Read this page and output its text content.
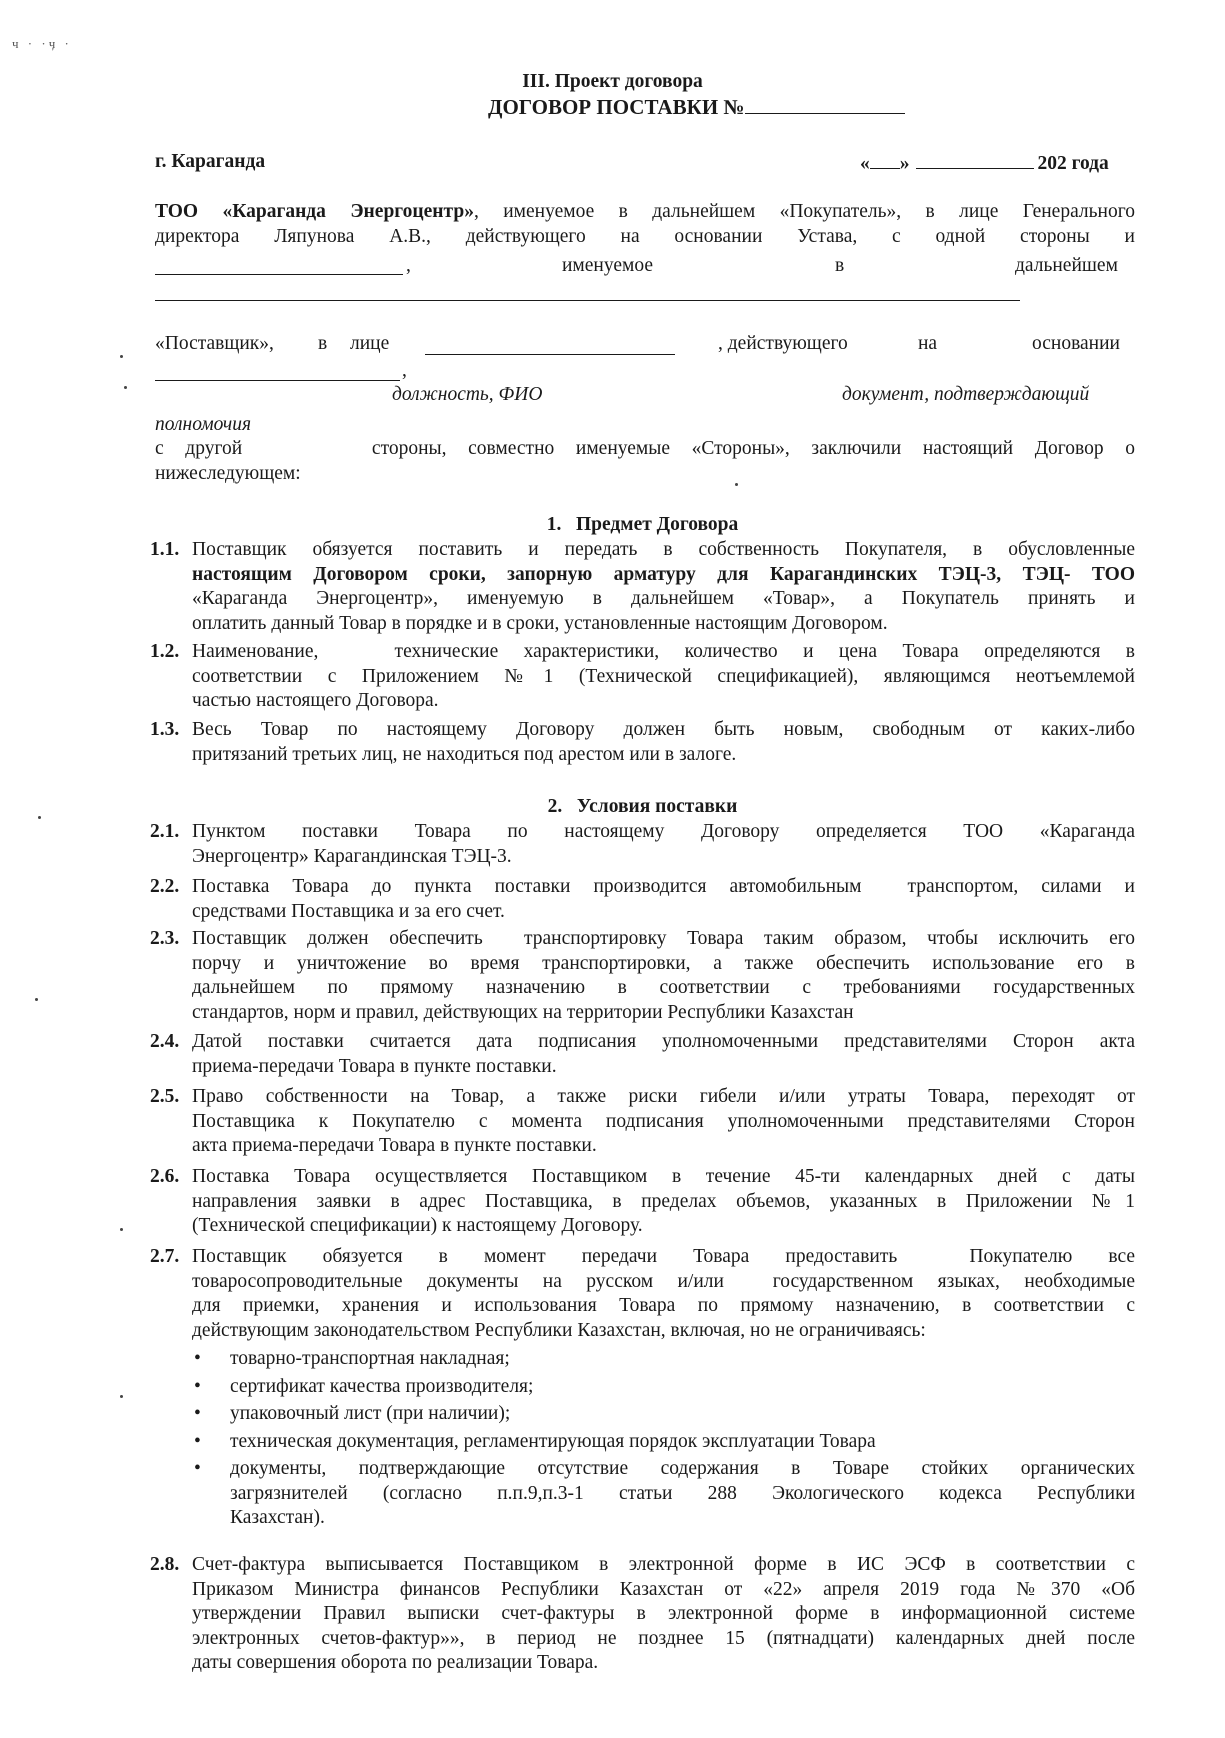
ч · ·ӌ ·
III. Проект договора
ДОГОВОР ПОСТАВКИ №
г. Караганда	« »	202 года
ТОО «Караганда Энергоцентр», именуемое в дальнейшем «Покупатель», в лице Генерального
директора Ляпунова А.В., действующего на основании Устава, с одной стороны и
,	именуемое	в	дальнейшем
«Поставщик», в лице	, действующего	на	основании
,
должность, ФИО	документ, подтверждающий
полномочия
с другой      стороны, совместно именуемые «Стороны», заключили настоящий Договор о
нижеследующем:
1.   Предмет Договора
1.1. Поставщик обязуется поставить и передать в собственность Покупателя, в обусловленные

настоящим Договором сроки, запорную арматуру для Карагандинских ТЭЦ-3, ТЭЦ- ТОО

«Караганда Энергоцентр», именуемую в дальнейшем «Товар», а Покупатель принять и

оплатить данный Товар в порядке и в сроки, установленные настоящим Договором.

1.2. Наименование,   технические характеристики, количество и цена Товара определяются в

соответствии с Приложением №1 (Технической спецификацией), являющимся неотъемлемой

частью настоящего Договора.

1.3. Весь Товар по настоящему Договору должен быть новым, свободным от каких-либо

притязаний третьих лиц, не находиться под арестом или в залоге.

2.   Условия поставки
2.1. Пунктом поставки Товара по настоящему Договору определяется ТОО «Караганда

Энергоцентр» Карагандинская ТЭЦ-3.

2.2. Поставка Товара до пункта поставки производится автомобильным  транспортом, силами и

средствами Поставщика и за его счет.

2.3. Поставщик должен обеспечить  транспортировку Товара таким образом, чтобы исключить его

порчу и уничтожение во время транспортировки, а также обеспечить использование его в

дальнейшем по прямому назначению в соответствии с требованиями государственных

стандартов, норм и правил, действующих на территории Республики Казахстан

2.4. Датой поставки считается дата подписания уполномоченными представителями Сторон акта

приема-передачи Товара в пункте поставки.

2.5. Право собственности на Товар, а также риски гибели и/или утраты Товара, переходят от

Поставщика к Покупателю с момента подписания уполномоченными представителями Сторон

акта приема-передачи Товара в пункте поставки.

2.6. Поставка Товара осуществляется Поставщиком в течение 45-ти календарных дней с даты

направления заявки в адрес Поставщика, в пределах объемов, указанных в Приложении №1

(Технической спецификации) к настоящему Договору.

2.7. Поставщик обязуется в момент передачи Товара предоставить  Покупателю все

товаросопроводительные документы на русском и/или  государственном языках, необходимые

для приемки, хранения и использования Товара по прямому назначению, в соответствии с

действующим законодательством Республики Казахстан, включая, но не ограничиваясь:

• товарно-транспортная накладная;
• сертификат качества производителя;
• упаковочный лист (при наличии);
• техническая документация, регламентирующая порядок эксплуатации Товара
• документы, подтверждающие отсутствие содержания в Товаре стойких органических

загрязнителей (согласно п.п.9,п.3-1 статьи 288 Экологического кодекса Республики

Казахстан).

2.8. Счет-фактура выписывается Поставщиком в электронной форме в ИС ЭСФ в соответствии с

Приказом Министра финансов Республики Казахстан от «22» апреля 2019 года №370 «Об

утверждении Правил выписки счет-фактуры в электронной форме в информационной системе

электронных счетов-фактур»», в период не позднее 15 (пятнадцати) календарных дней после

даты совершения оборота по реализации Товара.
